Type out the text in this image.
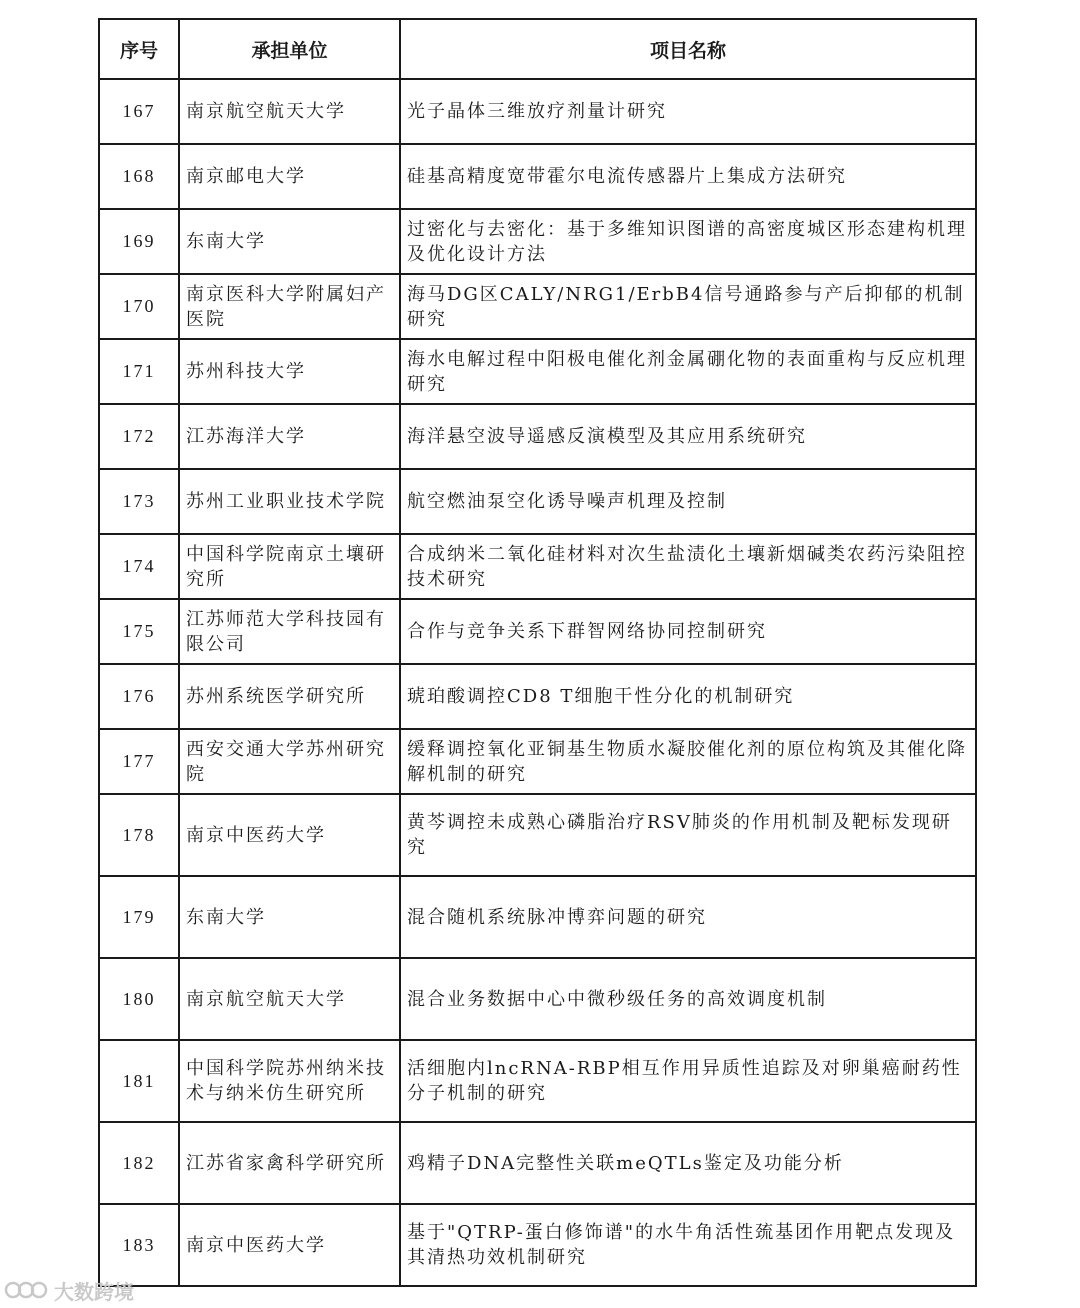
序号	承担单位	项目名称
167	南京航空航天大学	光子晶体三维放疗剂量计研究
168	南京邮电大学	硅基高精度宽带霍尔电流传感器片上集成方法研究
169	东南大学	过密化与去密化：基于多维知识图谱的高密度城区形态建构机理及优化设计方法
170	南京医科大学附属妇产医院	海马DG区CALY/NRG1/ErbB4信号通路参与产后抑郁的机制研究
171	苏州科技大学	海水电解过程中阳极电催化剂金属硼化物的表面重构与反应机理研究
172	江苏海洋大学	海洋悬空波导遥感反演模型及其应用系统研究
173	苏州工业职业技术学院	航空燃油泵空化诱导噪声机理及控制
174	中国科学院南京土壤研究所	合成纳米二氧化硅材料对次生盐渍化土壤新烟碱类农药污染阻控技术研究
175	江苏师范大学科技园有限公司	合作与竞争关系下群智网络协同控制研究
176	苏州系统医学研究所	琥珀酸调控CD8 T细胞干性分化的机制研究
177	西安交通大学苏州研究院	缓释调控氧化亚铜基生物质水凝胶催化剂的原位构筑及其催化降解机制的研究
178	南京中医药大学	黄芩调控未成熟心磷脂治疗RSV肺炎的作用机制及靶标发现研究
179	东南大学	混合随机系统脉冲博弈问题的研究
180	南京航空航天大学	混合业务数据中心中微秒级任务的高效调度机制
181	中国科学院苏州纳米技术与纳米仿生研究所	活细胞内lncRNA-RBP相互作用异质性追踪及对卵巢癌耐药性分子机制的研究
182	江苏省家禽科学研究所	鸡精子DNA完整性关联meQTLs鉴定及功能分析
183	南京中医药大学	基于"QTRP-蛋白修饰谱"的水牛角活性巯基团作用靶点发现及其清热功效机制研究
大数跨境
